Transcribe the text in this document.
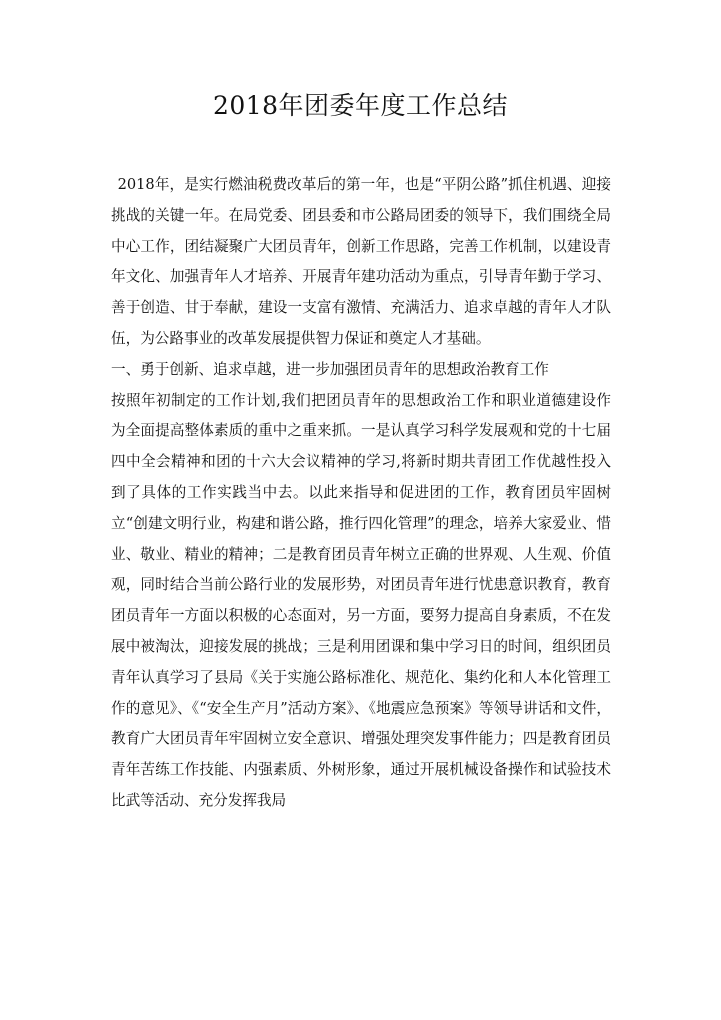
2018年团委年度工作总结

2018年，是实行燃油税费改革后的第一年，也是“平阴公路”抓住机遇、迎接挑战的关键一年。在局党委、团县委和市公路局团委的领导下，我们围绕全局中心工作，团结凝聚广大团员青年，创新工作思路，完善工作机制，以建设青年文化、加强青年人才培养、开展青年建功活动为重点，引导青年勤于学习、善于创造、甘于奉献，建设一支富有激情、充满活力、追求卓越的青年人才队伍，为公路事业的改革发展提供智力保证和奠定人才基础。

一、勇于创新、追求卓越，进一步加强团员青年的思想政治教育工作

按照年初制定的工作计划,我们把团员青年的思想政治工作和职业道德建设作为全面提高整体素质的重中之重来抓。一是认真学习科学发展观和党的十七届四中全会精神和团的十六大会议精神的学习,将新时期共青团工作优越性投入到了具体的工作实践当中去。以此来指导和促进团的工作，教育团员牢固树立“创建文明行业，构建和谐公路，推行四化管理”的理念，培养大家爱业、惜业、敬业、精业的精神；二是教育团员青年树立正确的世界观、人生观、价值观，同时结合当前公路行业的发展形势，对团员青年进行忧患意识教育，教育团员青年一方面以积极的心态面对，另一方面，要努力提高自身素质，不在发展中被淘汰，迎接发展的挑战；三是利用团课和集中学习日的时间，组织团员青年认真学习了县局《关于实施公路标准化、规范化、集约化和人本化管理工作的意见》、《“安全生产月”活动方案》、《地震应急预案》等领导讲话和文件，教育广大团员青年牢固树立安全意识、增强处理突发事件能力；四是教育团员青年苦练工作技能、内强素质、外树形象，通过开展机械设备操作和试验技术比武等活动、充分发挥我局
